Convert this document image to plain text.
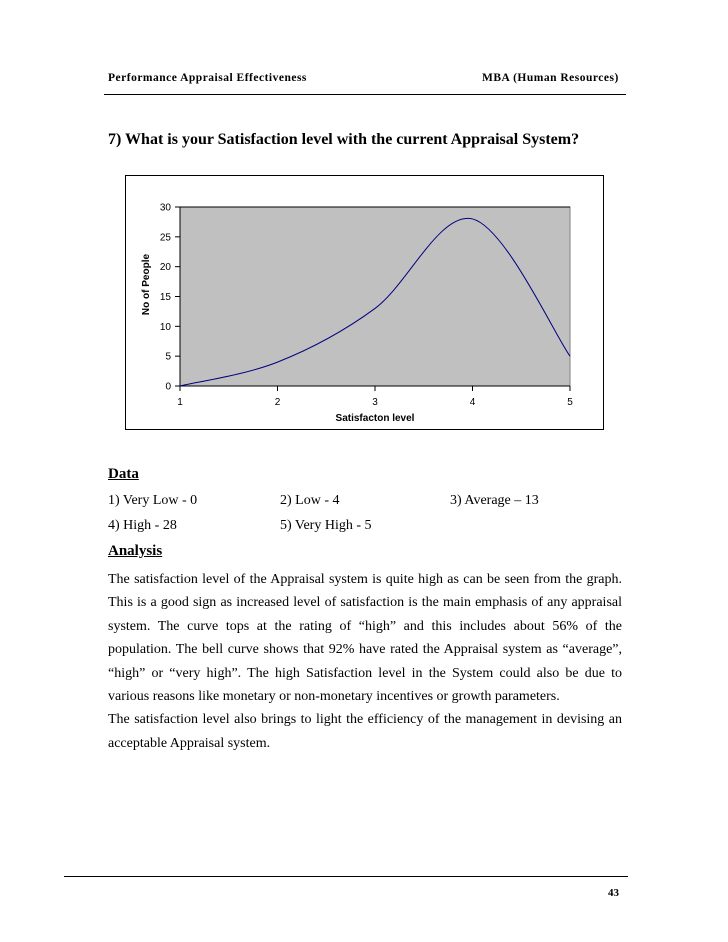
Performance Appraisal Effectiveness	MBA (Human Resources)
7) What is your Satisfaction level with the current Appraisal System?
0
5
10
15
20
25
30
1	2	3	4	5
Satisfacton level
No of People
Data
1) Very Low - 0	2) Low - 4	3) Average – 13
4) High - 28	5) Very High - 5
Analysis

The satisfaction level of the Appraisal system is quite high as can be seen from the graph. This is a good sign as increased level of satisfaction is the main emphasis of any appraisal system. The curve tops at the rating of “high” and this includes about 56% of the population. The bell curve shows that 92% have rated the Appraisal system as “average”, “high” or “very high”. The high Satisfaction level in the System could also be due to various reasons like monetary or non-monetary incentives or growth parameters.

The satisfaction level also brings to light the efficiency of the management in devising an acceptable Appraisal system.

43
